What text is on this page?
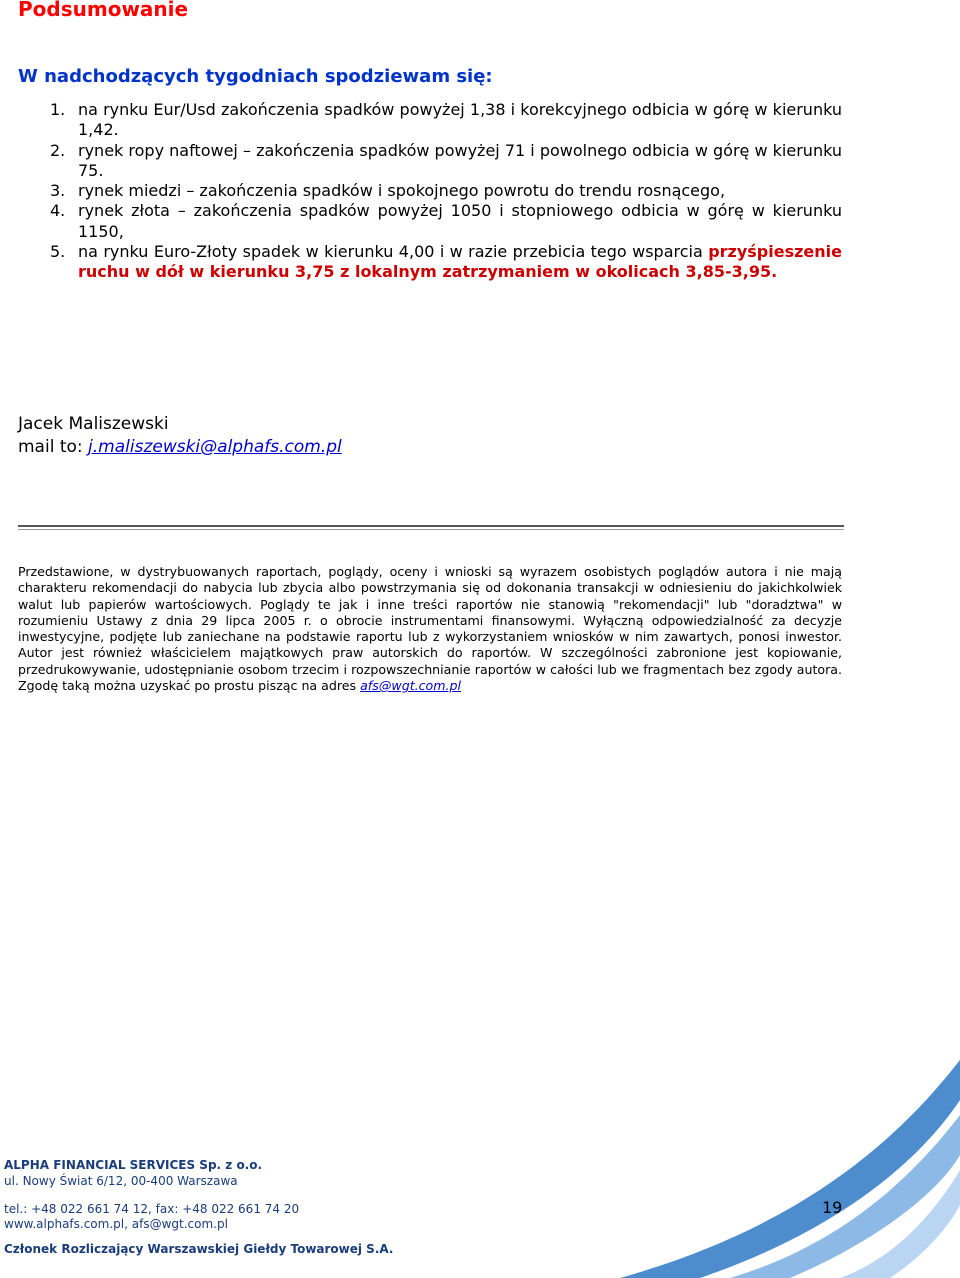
Podsumowanie
W nadchodzących tygodniach spodziewam się:
1. na rynku Eur/Usd zakończenia spadków powyżej 1,38 i korekcyjnego odbicia w górę w kierunku 1,42.
2. rynek ropy naftowej – zakończenia spadków powyżej 71 i powolnego odbicia w górę w kierunku 75.
3. rynek miedzi – zakończenia spadków i spokojnego powrotu do trendu rosnącego,
4. rynek złota – zakończenia spadków powyżej 1050 i stopniowego odbicia w górę w kierunku 1150,
5. na rynku Euro-Złoty spadek w kierunku 4,00 i w razie przebicia tego wsparcia przyśpieszenie ruchu w dół w kierunku 3,75 z lokalnym zatrzymaniem w okolicach 3,85-3,95.
Jacek Maliszewski
mail to: j.maliszewski@alphafs.com.pl

Przedstawione, w dystrybuowanych raportach, poglądy, oceny i wnioski są wyrazem osobistych poglądów autora i nie mają charakteru rekomendacji do nabycia lub zbycia albo powstrzymania się od dokonania transakcji w odniesieniu do jakichkolwiek walut lub papierów wartościowych. Poglądy te jak i inne treści raportów nie stanowią "rekomendacji" lub "doradztwa" w rozumieniu Ustawy z dnia 29 lipca 2005 r. o obrocie instrumentami finansowymi. Wyłączną odpowiedzialność za decyzje inwestycyjne, podjęte lub zaniechane na podstawie raportu lub z wykorzystaniem wniosków w nim zawartych, ponosi inwestor. Autor jest również właścicielem majątkowych praw autorskich do raportów. W szczególności zabronione jest kopiowanie, przedrukowywanie, udostępnianie osobom trzecim i rozpowszechnianie raportów w całości lub we fragmentach bez zgody autora. Zgodę taką można uzyskać po prostu pisząc na adres afs@wgt.com.pl

ALPHA FINANCIAL SERVICES Sp. z o.o.
ul. Nowy Świat 6/12, 00-400 Warszawa
tel.: +48 022 661 74 12, fax: +48 022 661 74 20
www.alphafs.com.pl, afs@wgt.com.pl
Członek Rozliczający Warszawskiej Giełdy Towarowej S.A.
19
